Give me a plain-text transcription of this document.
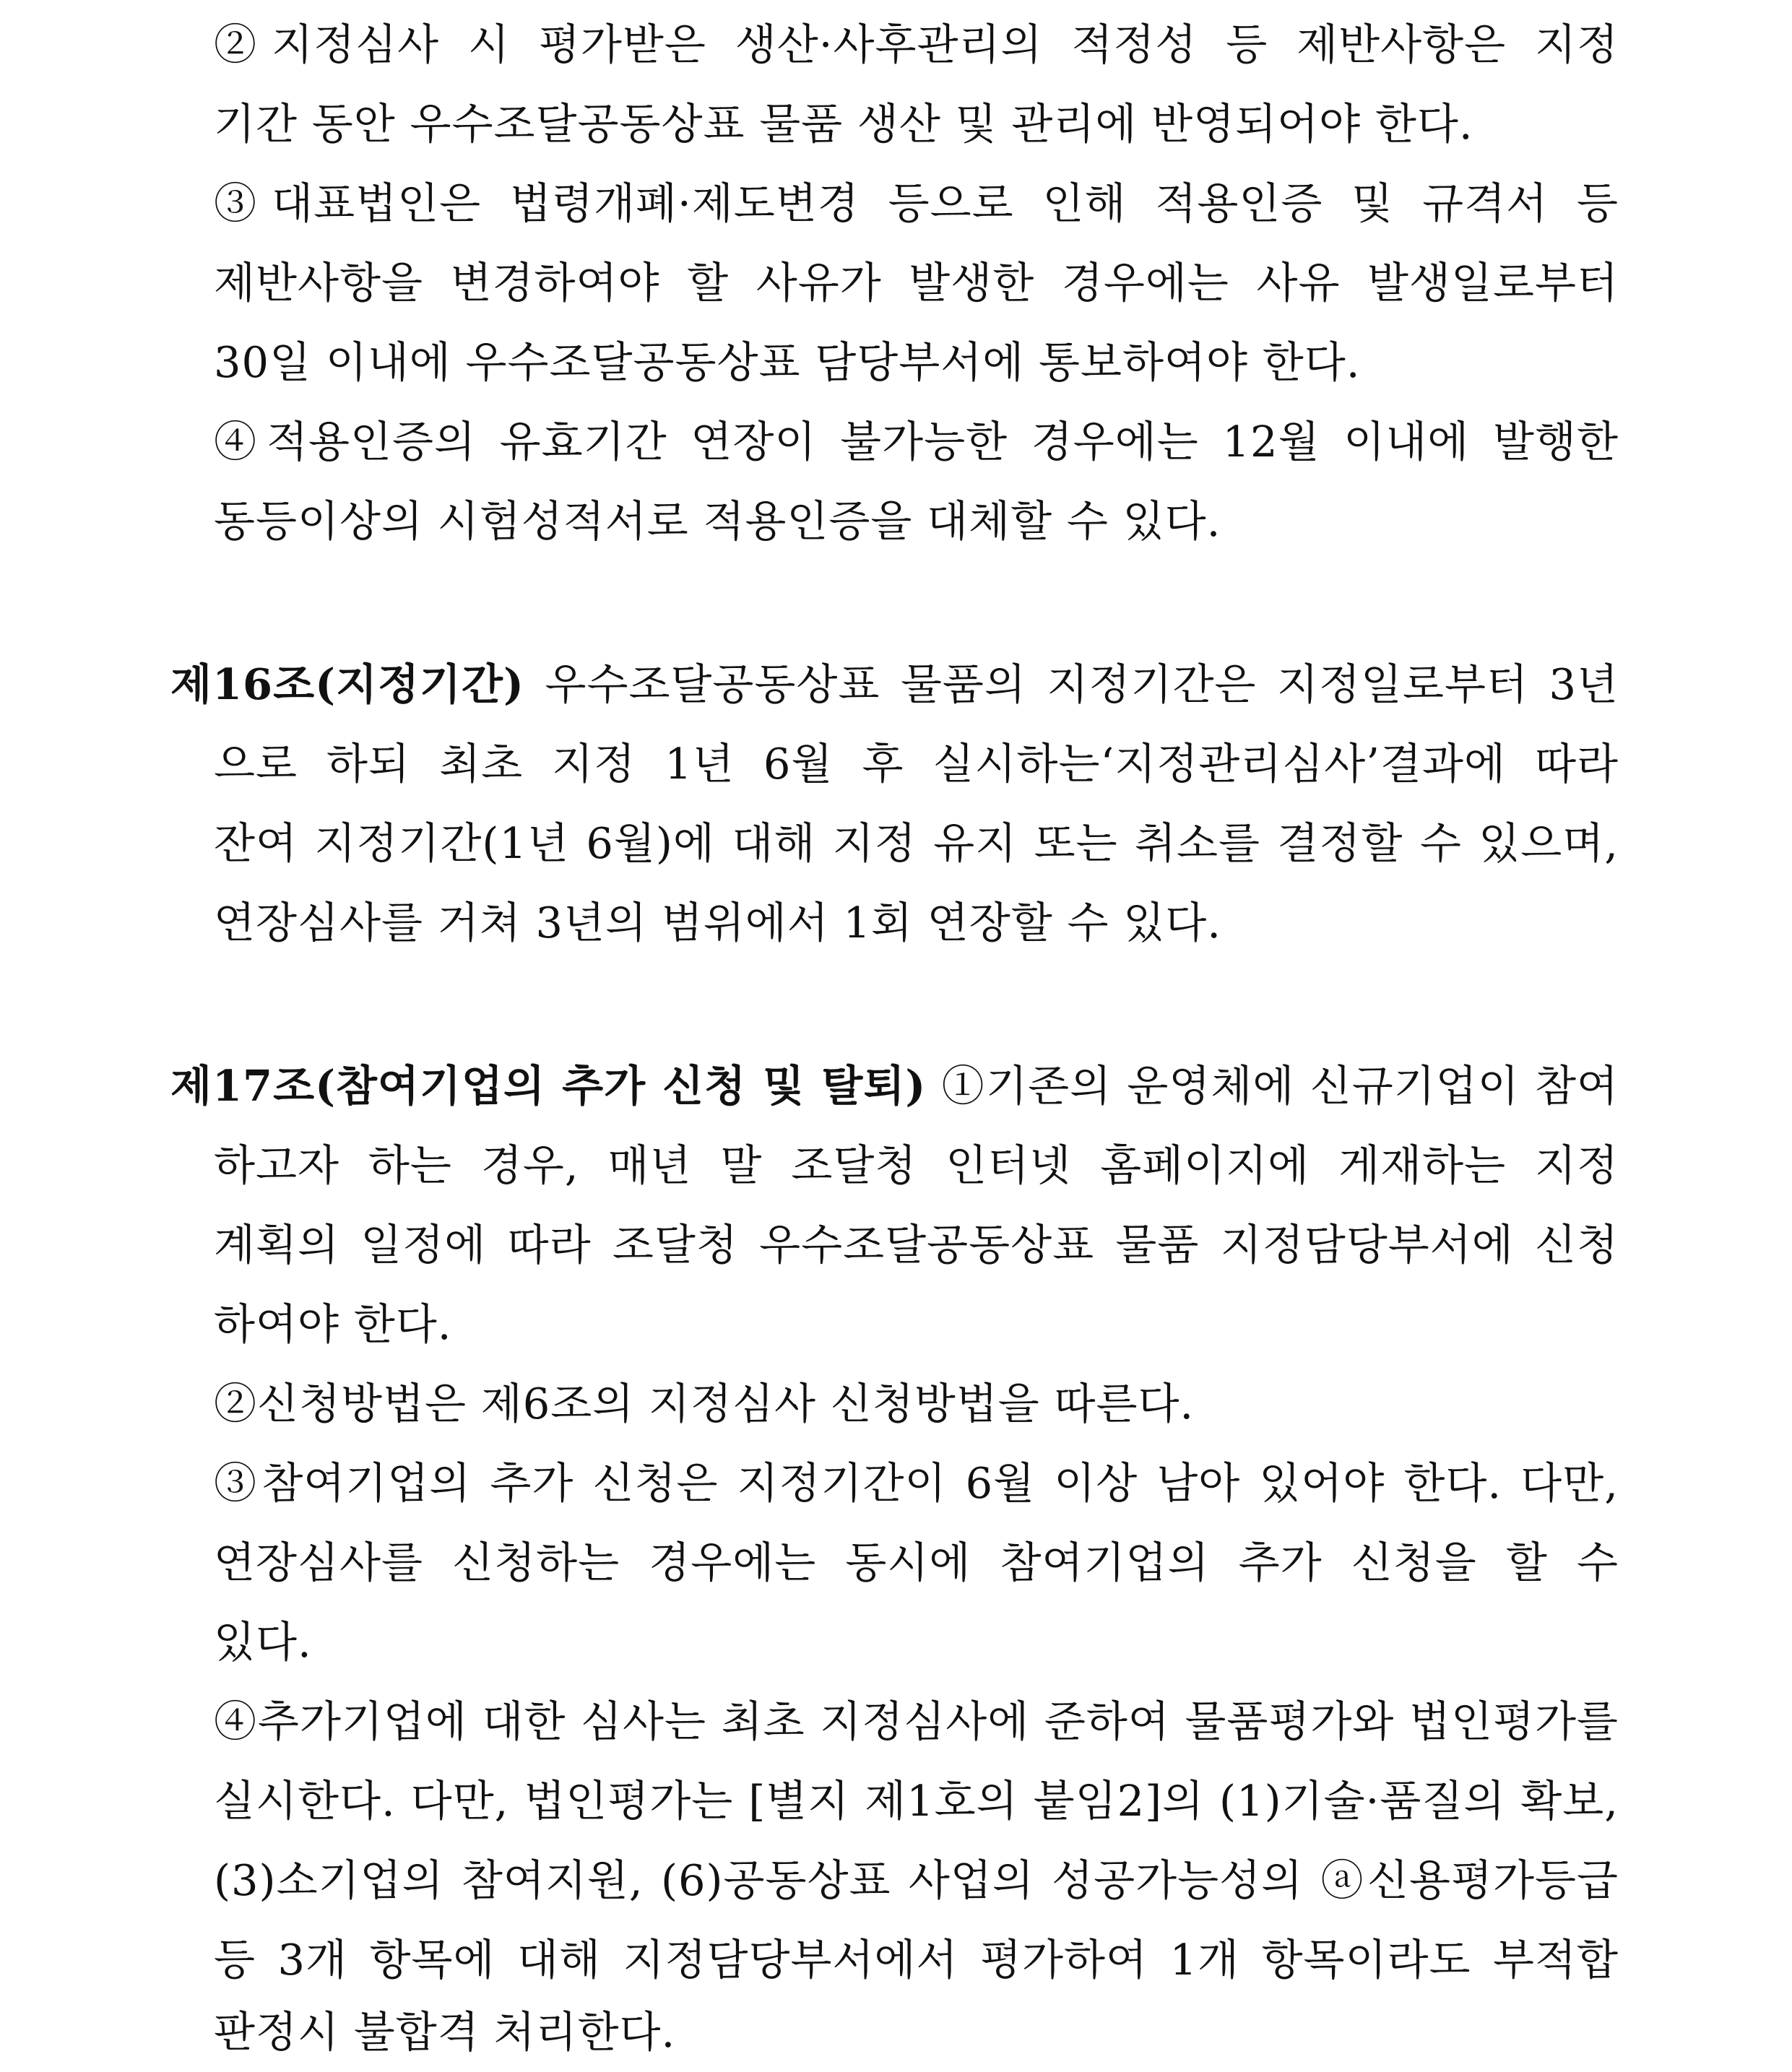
②지정심사 시 평가받은 생산·사후관리의 적정성 등 제반사항은 지정
기간 동안 우수조달공동상표 물품 생산 및 관리에 반영되어야 한다.
③대표법인은 법령개폐·제도변경 등으로 인해 적용인증 및 규격서 등
제반사항을 변경하여야 할 사유가 발생한 경우에는 사유 발생일로부터
30일 이내에 우수조달공동상표 담당부서에 통보하여야 한다.
④적용인증의 유효기간 연장이 불가능한 경우에는 12월 이내에 발행한
동등이상의 시험성적서로 적용인증을 대체할 수 있다.
제16조(지정기간) 우수조달공동상표 물품의 지정기간은 지정일로부터 3년
으로 하되 최초 지정 1년 6월 후 실시하는‘지정관리심사’결과에 따라
잔여 지정기간(1년 6월)에 대해 지정 유지 또는 취소를 결정할 수 있으며,
연장심사를 거쳐 3년의 범위에서 1회 연장할 수 있다.
제17조(참여기업의 추가 신청 및 탈퇴) ①기존의 운영체에 신규기업이 참여
하고자 하는 경우, 매년 말 조달청 인터넷 홈페이지에 게재하는 지정
계획의 일정에 따라 조달청 우수조달공동상표 물품 지정담당부서에 신청
하여야 한다.
②신청방법은 제6조의 지정심사 신청방법을 따른다.
③참여기업의 추가 신청은 지정기간이 6월 이상 남아 있어야 한다. 다만,
연장심사를 신청하는 경우에는 동시에 참여기업의 추가 신청을 할 수
있다.
④추가기업에 대한 심사는 최초 지정심사에 준하여 물품평가와 법인평가를
실시한다. 다만, 법인평가는 [별지 제1호의 붙임2]의 (1)기술·품질의 확보,
(3)소기업의 참여지원, (6)공동상표 사업의 성공가능성의 ⓐ신용평가등급
등 3개 항목에 대해 지정담당부서에서 평가하여 1개 항목이라도 부적합
판정시 불합격 처리한다.
